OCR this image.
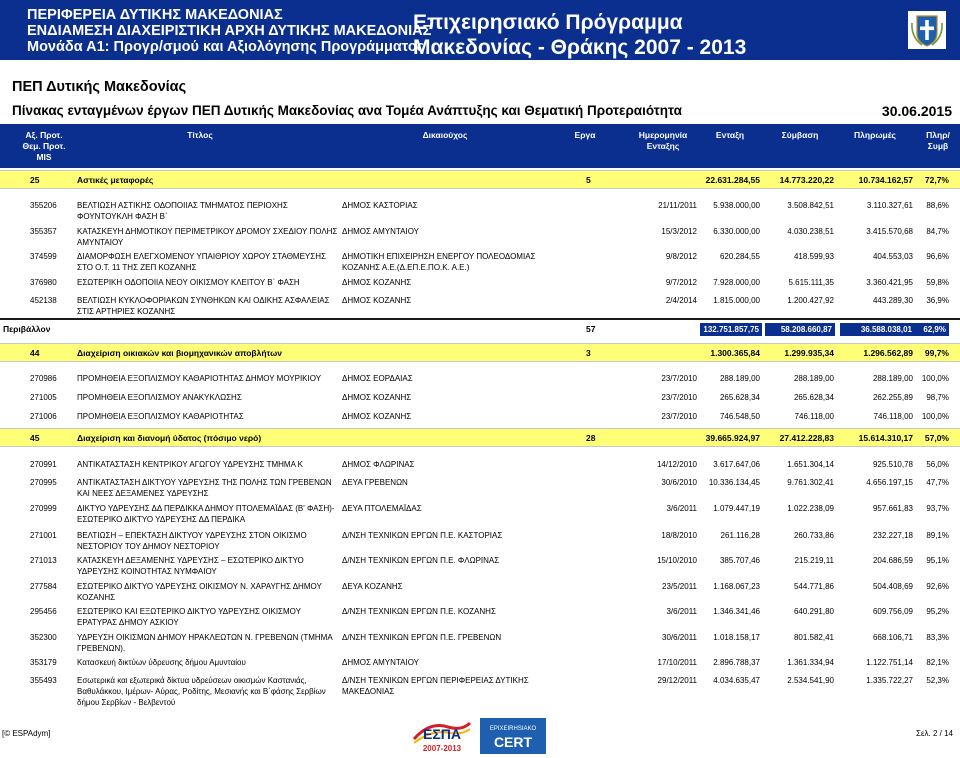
ΠΕΡΙΦΕΡΕΙΑ ΔΥΤΙΚΗΣ ΜΑΚΕΔΟΝΙΑΣ
ΕΝΔΙΑΜΕΣΗ ΔΙΑΧΕΙΡΙΣΤΙΚΗ ΑΡΧΗ ΔΥΤΙΚΗΣ ΜΑΚΕΔΟΝΙΑΣ
Μονάδα Α1: Προγρ/σμού και Αξιολόγησης Προγράμματος
Επιχειρησιακό Πρόγραμμα
Μακεδονίας - Θράκης 2007 - 2013
ΠΕΠ Δυτικής Μακεδονίας
Πίνακας ενταγμένων έργων ΠΕΠ Δυτικής Μακεδονίας ανα Τομέα Ανάπτυξης και Θεματική Προτεραιότητα	30.06.2015
Αξ. Προτ.
Θεμ. Προτ.
MIS
Τίτλος	Δικαιούχος	Εργα	Ημερομηνία
Ενταξης
Ενταξη	Σύμβαση	Πληρωμές	Πληρ/
Συμβ
25	Αστικές μεταφορές	5	22.631.284,55	14.773.220,22	10.734.162,57	72,7%
355206	ΒΕΛΤΙΩΣΗ ΑΣΤΙΚΗΣ ΟΔΟΠΟΙΙΑΣ ΤΜΗΜΑΤΟΣ ΠΕΡΙΟΧΗΣ
ΦΟΥΝΤΟΥΚΛΗ ΦΑΣΗ Β΄
ΔΗΜΟΣ ΚΑΣΤΟΡΙΑΣ	21/11/2011	5.938.000,00	3.508.842,51	3.110.327,61	88,6%
355357	ΚΑΤΑΣΚΕΥΗ ΔΗΜΟΤΙΚΟΥ ΠΕΡΙΜΕΤΡΙΚΟΥ ΔΡΟΜΟΥ ΣΧΕΔΙΟΥ ΠΟΛΗΣ
ΑΜΥΝΤΑΙΟΥ
ΔΗΜΟΣ ΑΜΥΝΤΑΙΟΥ	15/3/2012	6.330.000,00	4.030.238,51	3.415.570,68	84,7%
374599	ΔΙΑΜΟΡΦΩΣΗ ΕΛΕΓΧΟΜΕΝΟΥ ΥΠΑΙΘΡΙΟΥ ΧΩΡΟΥ ΣΤΑΘΜΕΥΣΗΣ
ΣΤΟ Ο.Τ. 11 ΤΗΣ ΖΕΠ ΚΟΖΑΝΗΣ
ΔΗΜΟΤΙΚΗ ΕΠΙΧΕΙΡΗΣΗ ΕΝΕΡΓΟΥ ΠΟΛΕΟΔΟΜΙΑΣ
ΚΟΖΑΝΗΣ Α.Ε.(Δ.ΕΠ.Ε.ΠΟ.Κ. Α.Ε.)
9/8/2012	620.284,55	418.599,93	404.553,03	96,6%
376980	ΕΣΩΤΕΡΙΚΗ ΟΔΟΠΟΙΙΑ ΝΕΟΥ ΟΙΚΙΣΜΟΥ ΚΛΕΙΤΟΥ Β΄ ΦΑΣΗ	ΔΗΜΟΣ ΚΟΖΑΝΗΣ	9/7/2012	7.928.000,00	5.615.111,35	3.360.421,95	59,8%
452138	ΒΕΛΤΙΩΣΗ ΚΥΚΛΟΦΟΡΙΑΚΩΝ ΣΥΝΘΗΚΩΝ ΚΑΙ ΟΔΙΚΗΣ ΑΣΦΑΛΕΙΑΣ
ΣΤΙΣ ΑΡΤΗΡΙΕΣ ΚΟΖΑΝΗΣ
ΔΗΜΟΣ ΚΟΖΑΝΗΣ	2/4/2014	1.815.000,00	1.200.427,92	443.289,30	36,9%
Περιβάλλον	57	132.751.857,75	58.208.660,87	36.588.038,01	62,9%
44	Διαχείριση οικιακών και βιομηχανικών αποβλήτων	3	1.300.365,84	1.299.935,34	1.296.562,89	99,7%
270986	ΠΡΟΜΗΘΕΙΑ ΕΞΟΠΛΙΣΜΟΥ ΚΑΘΑΡΙΟΤΗΤΑΣ ΔΗΜΟΥ ΜΟΥΡΙΚΙΟΥ	ΔΗΜΟΣ ΕΟΡΔΑΙΑΣ	23/7/2010	288.189,00	288.189,00	288.189,00	100,0%
271005	ΠΡΟΜΗΘΕΙΑ ΕΞΟΠΛΙΣΜΟΥ ΑΝΑΚΥΚΛΩΣΗΣ	ΔΗΜΟΣ ΚΟΖΑΝΗΣ	23/7/2010	265.628,34	265.628,34	262.255,89	98,7%
271006	ΠΡΟΜΗΘΕΙΑ ΕΞΟΠΛΙΣΜΟΥ ΚΑΘΑΡΙΟΤΗΤΑΣ	ΔΗΜΟΣ ΚΟΖΑΝΗΣ	23/7/2010	746.548,50	746.118,00	746.118,00	100,0%
45	Διαχείριση και διανομή ύδατος (πόσιμο νερό)	28	39.665.924,97	27.412.228,83	15.614.310,17	57,0%
270991	ΑΝΤΙΚΑΤΑΣΤΑΣΗ ΚΕΝΤΡΙΚΟΥ ΑΓΩΓΟΥ ΥΔΡΕΥΣΗΣ ΤΜΗΜΑ Κ	ΔΗΜΟΣ ΦΛΩΡΙΝΑΣ	14/12/2010	3.617.647,06	1.651.304,14	925.510,78	56,0%
270995	ΑΝΤΙΚΑΤΑΣΤΑΣΗ ΔΙΚΤΥΟΥ ΥΔΡΕΥΣΗΣ ΤΗΣ ΠΟΛΗΣ ΤΩΝ ΓΡΕΒΕΝΩΝ
ΚΑΙ ΝΕΕΣ ΔΕΞΑΜΕΝΕΣ ΥΔΡΕΥΣΗΣ
ΔΕΥΑ ΓΡΕΒΕΝΩΝ	30/6/2010	10.336.134,45	9.761.302,41	4.656.197,15	47,7%
270999	ΔΙΚΤΥΟ ΥΔΡΕΥΣΗΣ ΔΔ ΠΕΡΔΙΚΚΑ ΔΗΜΟΥ ΠΤΟΛΕΜΑΪΔΑΣ (Β' ΦΑΣΗ)-
ΕΣΩΤΕΡΙΚΟ ΔΙΚΤΥΟ ΥΔΡΕΥΣΗΣ ΔΔ ΠΕΡΔΙΚΑ
ΔΕΥΑ ΠΤΟΛΕΜΑΪΔΑΣ	3/6/2011	1.079.447,19	1.022.238,09	957.661,83	93,7%
271001	ΒΕΛΤΙΩΣΗ – ΕΠΕΚΤΑΣΗ ΔΙΚΤΥΟΥ ΥΔΡΕΥΣΗΣ ΣΤΟΝ ΟΙΚΙΣΜΟ
ΝΕΣΤΟΡΙΟΥ ΤΟΥ ΔΗΜΟΥ ΝΕΣΤΟΡΙΟΥ
Δ/ΝΣΗ ΤΕΧΝΙΚΩΝ ΕΡΓΩΝ Π.Ε. ΚΑΣΤΟΡΙΑΣ	18/8/2010	261.116,28	260.733,86	232.227,18	89,1%
271013	ΚΑΤΑΣΚΕΥΗ ΔΕΞΑΜΕΝΗΣ ΥΔΡΕΥΣΗΣ – ΕΣΩΤΕΡΙΚΟ ΔΙΚΤΥΟ
ΥΔΡΕΥΣΗΣ ΚΟΙΝΟΤΗΤΑΣ ΝΥΜΦΑΙΟΥ
Δ/ΝΣΗ ΤΕΧΝΙΚΩΝ ΕΡΓΩΝ Π.Ε. ΦΛΩΡΙΝΑΣ	15/10/2010	385.707,46	215.219,11	204.686,59	95,1%
277584	ΕΣΩΤΕΡΙΚΟ ΔΙΚΤΥΟ ΥΔΡΕΥΣΗΣ ΟΙΚΙΣΜΟΥ Ν. ΧΑΡΑΥΓΗΣ ΔΗΜΟΥ
ΚΟΖΑΝΗΣ
ΔΕΥΑ ΚΟΖΑΝΗΣ	23/5/2011	1.168.067,23	544.771,86	504.408,69	92,6%
295456	ΕΣΩΤΕΡΙΚΟ ΚΑΙ ΕΞΩΤΕΡΙΚΟ ΔΙΚΤΥΟ ΥΔΡΕΥΣΗΣ ΟΙΚΙΣΜΟΥ
ΕΡΑΤΥΡΑΣ ΔΗΜΟΥ ΑΣΚΙΟΥ
Δ/ΝΣΗ ΤΕΧΝΙΚΩΝ ΕΡΓΩΝ Π.Ε. ΚΟΖΑΝΗΣ	3/6/2011	1.346.341,46	640.291,80	609.756,09	95,2%
352300	ΥΔΡΕΥΣΗ ΟΙΚΙΣΜΩΝ ΔΗΜΟΥ ΗΡΑΚΛΕΩΤΩΝ Ν. ΓΡΕΒΕΝΩΝ (ΤΜΗΜΑ
ΓΡΕΒΕΝΩΝ).
Δ/ΝΣΗ ΤΕΧΝΙΚΩΝ ΕΡΓΩΝ Π.Ε. ΓΡΕΒΕΝΩΝ	30/6/2011	1.018.158,17	801.582,41	668.106,71	83,3%
353179	Κατασκευή δικτύων ύδρευσης δήμου Αμυνταίου	ΔΗΜΟΣ ΑΜΥΝΤΑΙΟΥ	17/10/2011	2.896.788,37	1.361.334,94	1.122.751,14	82,1%
355493	Εσωτερικά και εξωτερικά δίκτυα υδρεύσεων οικισμών Καστανιάς,
Βαθυλάκκου, Ιμέρων- Αύρας, Ροδίτης, Μεσιανής και Β΄φάσης Σερβίων
δήμου Σερβίων - Βελβεντού
Δ/ΝΣΗ ΤΕΧΝΙΚΩΝ ΕΡΓΩΝ ΠΕΡΙΦΕΡΕΙΑΣ ΔΥΤΙΚΗΣ
ΜΑΚΕΔΟΝΙΑΣ
29/12/2011	4.034.635,47	2.534.541,90	1.335.722,27	52,3%
[© ESPAdym]	ΕΣΠΑ
2007-2013
EPIXEIRHSIAKO
CERT
Σελ. 2 / 14
